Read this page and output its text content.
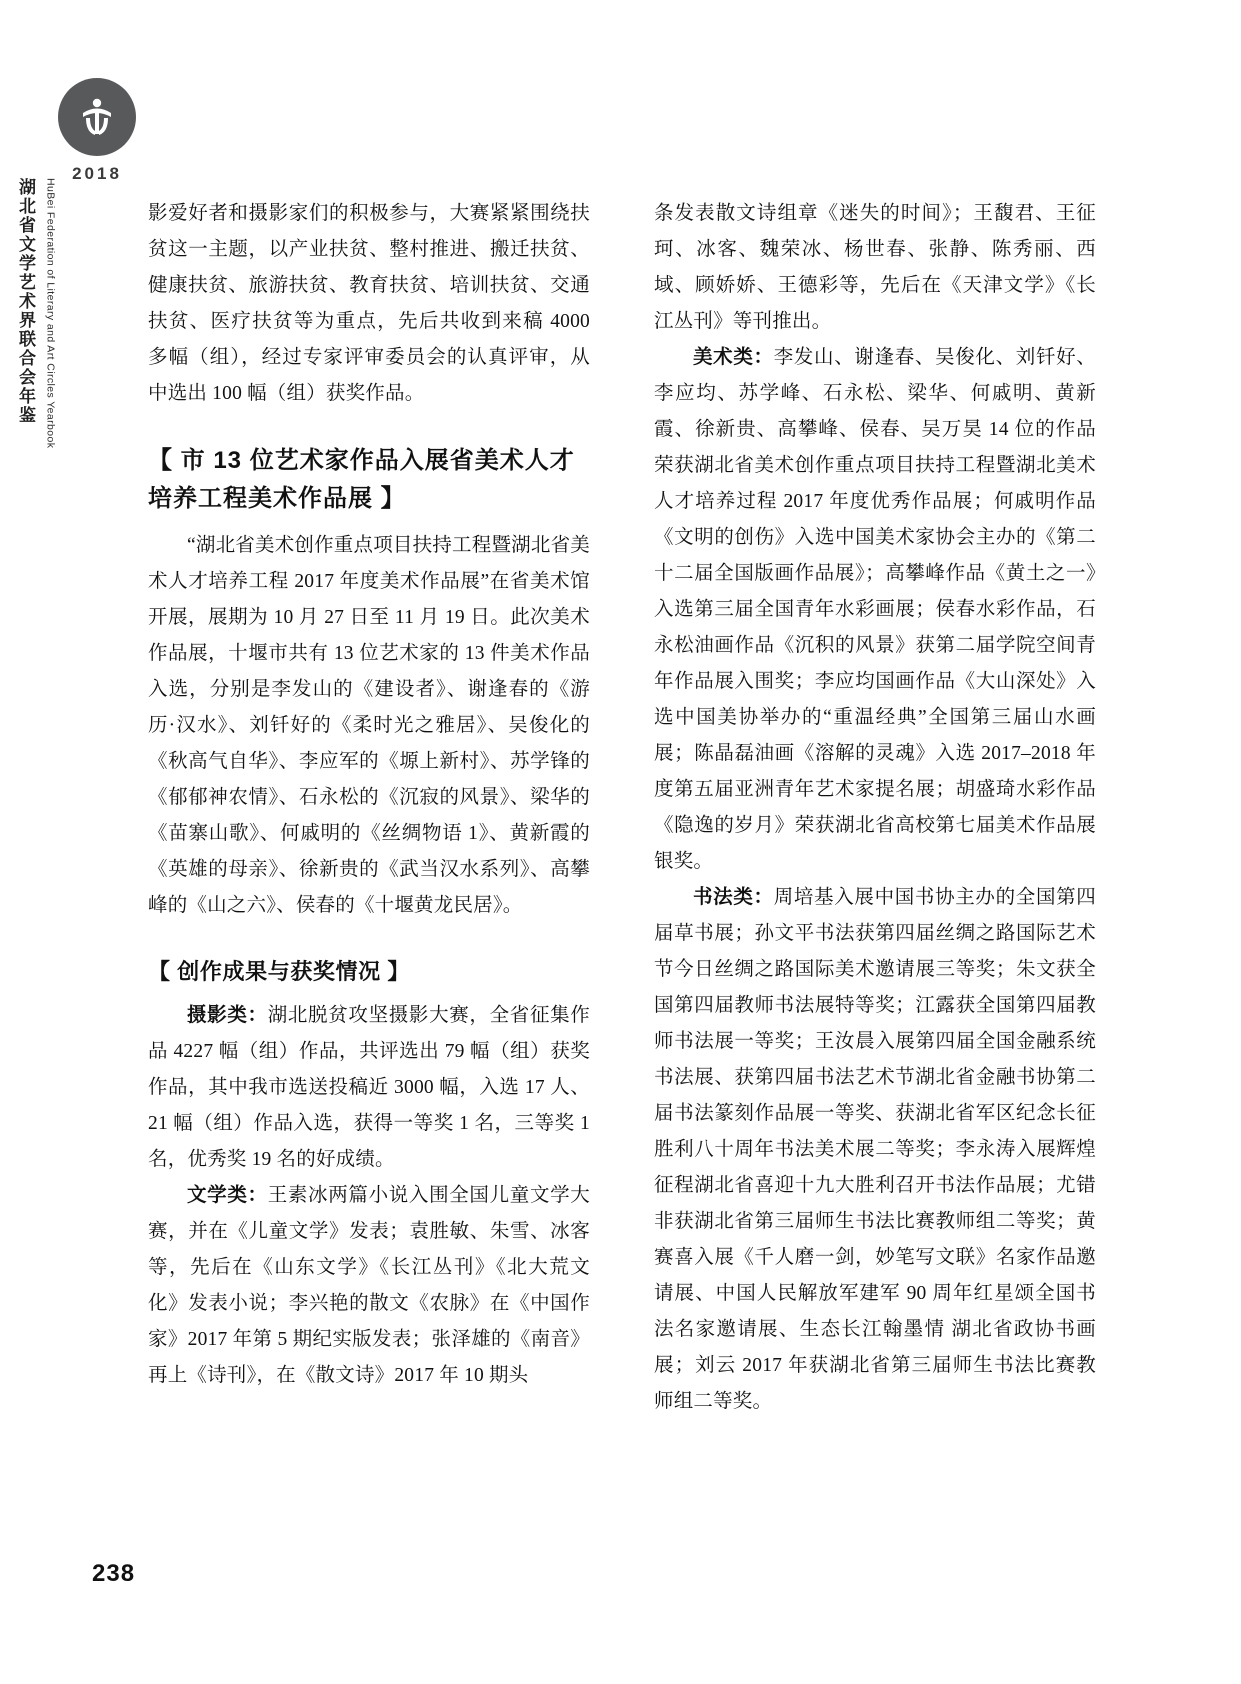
2018
湖北省文学艺术界联合会年鉴 HuBei Federation of Literary and Art Circles Yearbook	影爱好者和摄影家们的积极参与，大赛紧紧围绕扶贫这一主题，以产业扶贫、整村推进、搬迁扶贫、健康扶贫、旅游扶贫、教育扶贫、培训扶贫、交通扶贫、医疗扶贫等为重点，先后共收到来稿 4000 多幅（组），经过专家评审委员会的认真评审，从中选出 100 幅（组）获奖作品。

【 市 13 位艺术家作品入展省美术人才培养工程美术作品展 】

“湖北省美术创作重点项目扶持工程暨湖北省美术人才培养工程 2017 年度美术作品展”在省美术馆开展，展期为 10 月 27 日至 11 月 19 日。此次美术作品展，十堰市共有 13 位艺术家的 13 件美术作品入选，分别是李发山的《建设者》、谢逢春的《游历·汉水》、刘钎好的《柔时光之雅居》、吴俊化的《秋高气自华》、李应军的《塬上新村》、苏学锋的《郁郁神农情》、石永松的《沉寂的风景》、梁华的《苗寨山歌》、何戚明的《丝绸物语 1》、黄新霞的《英雄的母亲》、徐新贵的《武当汉水系列》、高攀峰的《山之六》、侯春的《十堰黄龙民居》。

【 创作成果与获奖情况 】

摄影类：湖北脱贫攻坚摄影大赛，全省征集作品 4227 幅（组）作品，共评选出 79 幅（组）获奖作品，其中我市选送投稿近 3000 幅，入选 17 人、21 幅（组）作品入选，获得一等奖 1 名，三等奖 1 名，优秀奖 19 名的好成绩。

文学类：王素冰两篇小说入围全国儿童文学大赛，并在《儿童文学》发表；袁胜敏、朱雪、冰客等，先后在《山东文学》《长江丛刊》《北大荒文化》发表小说；李兴艳的散文《农脉》在《中国作家》2017 年第 5 期纪实版发表；张泽雄的《南音》再上《诗刊》，在《散文诗》2017 年 10 期头

条发表散文诗组章《迷失的时间》；王馥君、王征珂、冰客、魏荣冰、杨世春、张静、陈秀丽、西域、顾娇娇、王德彩等，先后在《天津文学》《长江丛刊》等刊推出。

美术类：李发山、谢逢春、吴俊化、刘钎好、李应均、苏学峰、石永松、梁华、何戚明、黄新霞、徐新贵、高攀峰、侯春、吴万昊 14 位的作品荣获湖北省美术创作重点项目扶持工程暨湖北美术人才培养过程 2017 年度优秀作品展；何戚明作品《文明的创伤》入选中国美术家协会主办的《第二十二届全国版画作品展》；高攀峰作品《黄土之一》入选第三届全国青年水彩画展；侯春水彩作品，石永松油画作品《沉积的风景》获第二届学院空间青年作品展入围奖；李应均国画作品《大山深处》入选中国美协举办的“重温经典”全国第三届山水画展；陈晶磊油画《溶解的灵魂》入选 2017–2018 年度第五届亚洲青年艺术家提名展；胡盛琦水彩作品《隐逸的岁月》荣获湖北省高校第七届美术作品展银奖。

书法类：周培基入展中国书协主办的全国第四届草书展；孙文平书法获第四届丝绸之路国际艺术节今日丝绸之路国际美术邀请展三等奖；朱文获全国第四届教师书法展特等奖；江露获全国第四届教师书法展一等奖；王汝晨入展第四届全国金融系统书法展、获第四届书法艺术节湖北省金融书协第二届书法篆刻作品展一等奖、获湖北省军区纪念长征胜利八十周年书法美术展二等奖；李永涛入展辉煌征程湖北省喜迎十九大胜利召开书法作品展；尤错非获湖北省第三届师生书法比赛教师组二等奖；黄赛喜入展《千人磨一剑，妙笔写文联》名家作品邀请展、中国人民解放军建军 90 周年红星颂全国书法名家邀请展、生态长江翰墨情 湖北省政协书画展；刘云 2017 年获湖北省第三届师生书法比赛教师组二等奖。

238
